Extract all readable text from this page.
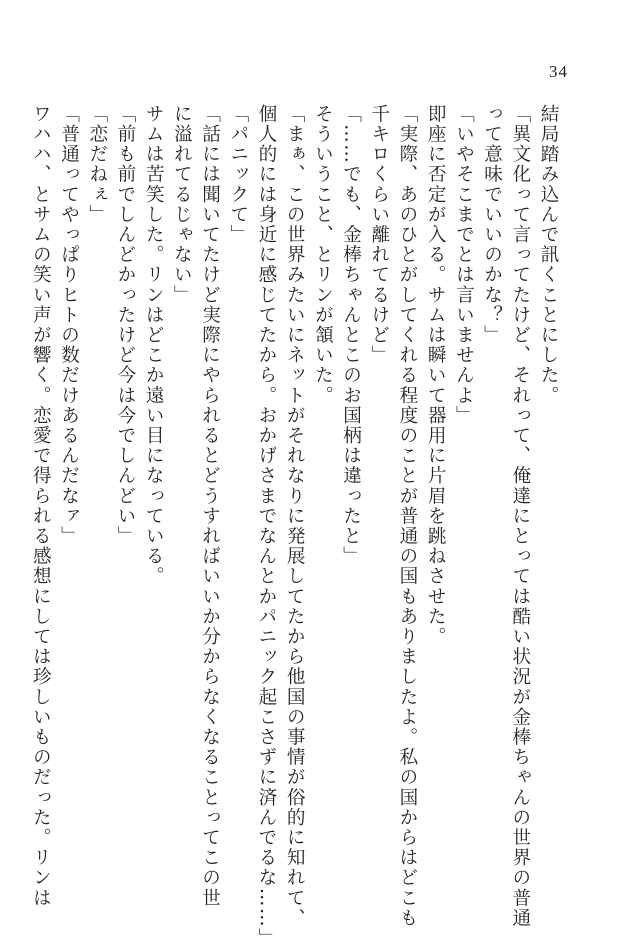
34

結局踏み込んで訊くことにした。

「異文化って言ってたけど、それって、俺達にとっては酷い状況が金棒ちゃんの世界の普通

って意味でいいのかな？」

「いやそこまでとは言いませんよ」

即座に否定が入る。サムは瞬いて器用に片眉を跳ねさせた。

「実際、あのひとがしてくれる程度のことが普通の国もありましたよ。私の国からはどこも

千キロくらい離れてるけど」

「……でも、金棒ちゃんとこのお国柄は違ったと」

そういうこと、とリンが頷いた。

「まぁ、この世界みたいにネットがそれなりに発展してたから他国の事情が俗的に知れて、

個人的には身近に感じてたから。おかげさまでなんとかパニック起こさずに済んでるな……」

「パニックて」

「話には聞いてたけど実際にやられるとどうすればいいか分からなくなることってこの世

に溢れてるじゃない」

サムは苦笑した。リンはどこか遠い目になっている。

「前も前でしんどかったけど今は今でしんどい」

「恋だねぇ」

「普通ってやっぱりヒトの数だけあるんだなァ」

ワハハ、とサムの笑い声が響く。恋愛で得られる感想にしては珍しいものだった。リンは
